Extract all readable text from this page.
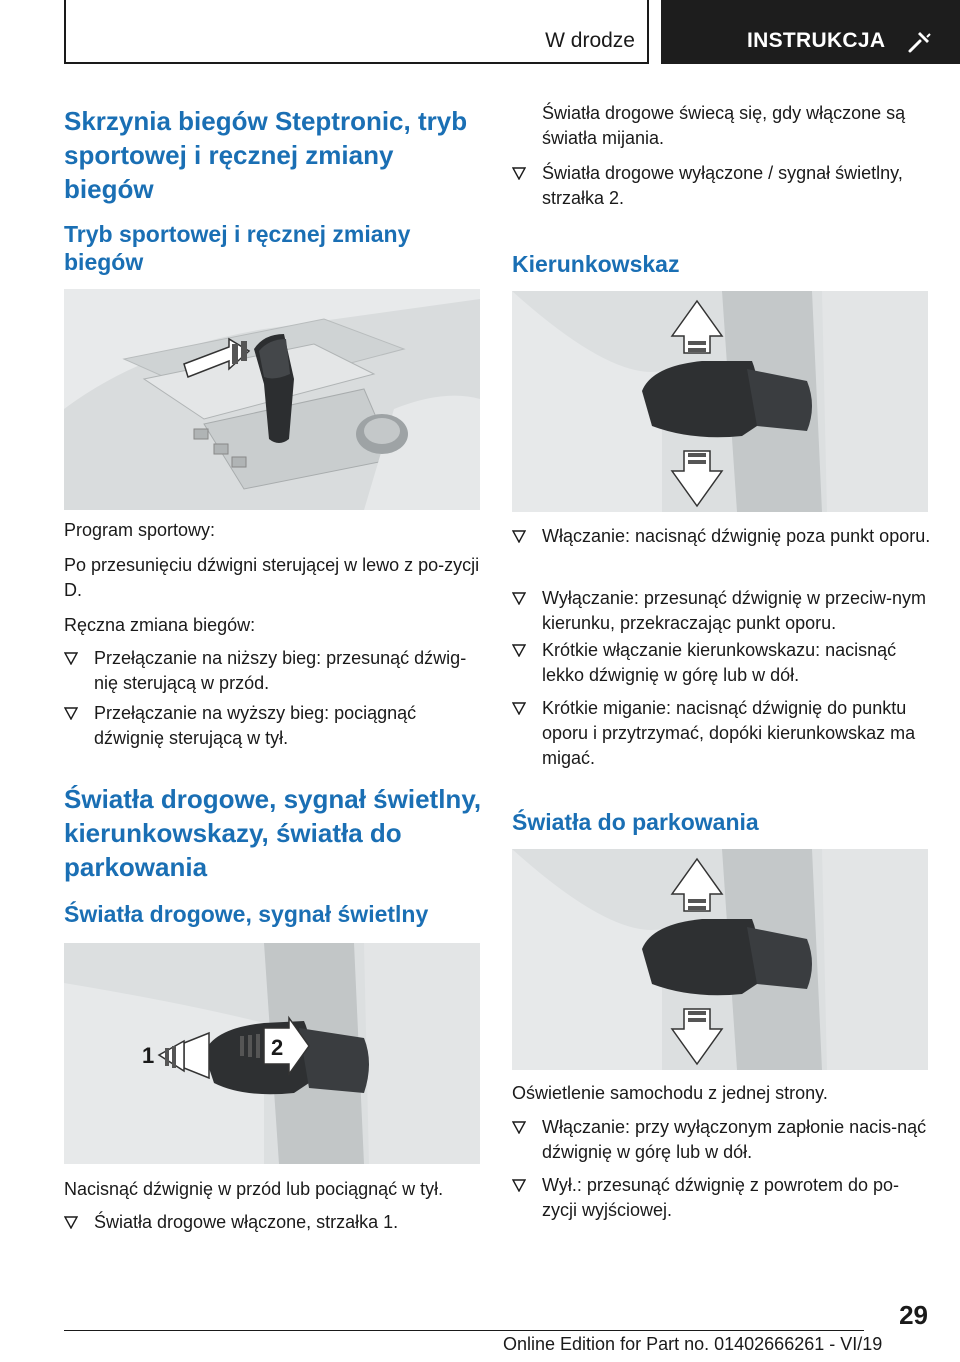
W drodze	INSTRUKCJA
Skrzynia biegów Steptronic, tryb sportowej i ręcznej zmiany biegów
Tryb sportowej i ręcznej zmiany biegów
Program sportowy:
Po przesunięciu dźwigni sterującej w lewo z po-zycji D.
Ręczna zmiana biegów:
Przełączanie na niższy bieg: przesunąć dźwig-nię sterującą w przód.
Przełączanie na wyższy bieg: pociągnąć dźwignię sterującą w tył.
Światła drogowe, sygnał świetlny, kierunkowskazy, światła do parkowania
Światła drogowe, sygnał świetlny
1	2
Nacisnąć dźwignię w przód lub pociągnąć w tył.
Światła drogowe włączone, strzałka 1.
Światła drogowe świecą się, gdy włączone są światła mijania.
Światła drogowe wyłączone / sygnał świetlny, strzałka 2.
Kierunkowskaz
Włączanie: nacisnąć dźwignię poza punkt oporu.
Wyłączanie: przesunąć dźwignię w przeciw-nym kierunku, przekraczając punkt oporu.
Krótkie włączanie kierunkowskazu: nacisnąć lekko dźwignię w górę lub w dół.
Krótkie miganie: nacisnąć dźwignię do punktu oporu i przytrzymać, dopóki kierunkowskaz ma migać.
Światła do parkowania
Oświetlenie samochodu z jednej strony.
Włączanie: przy wyłączonym zapłonie nacis-nąć dźwignię w górę lub w dół.
Wył.: przesunąć dźwignię z powrotem do po-zycji wyjściowej.
29
Online Edition for Part no. 01402666261 - VI/19
